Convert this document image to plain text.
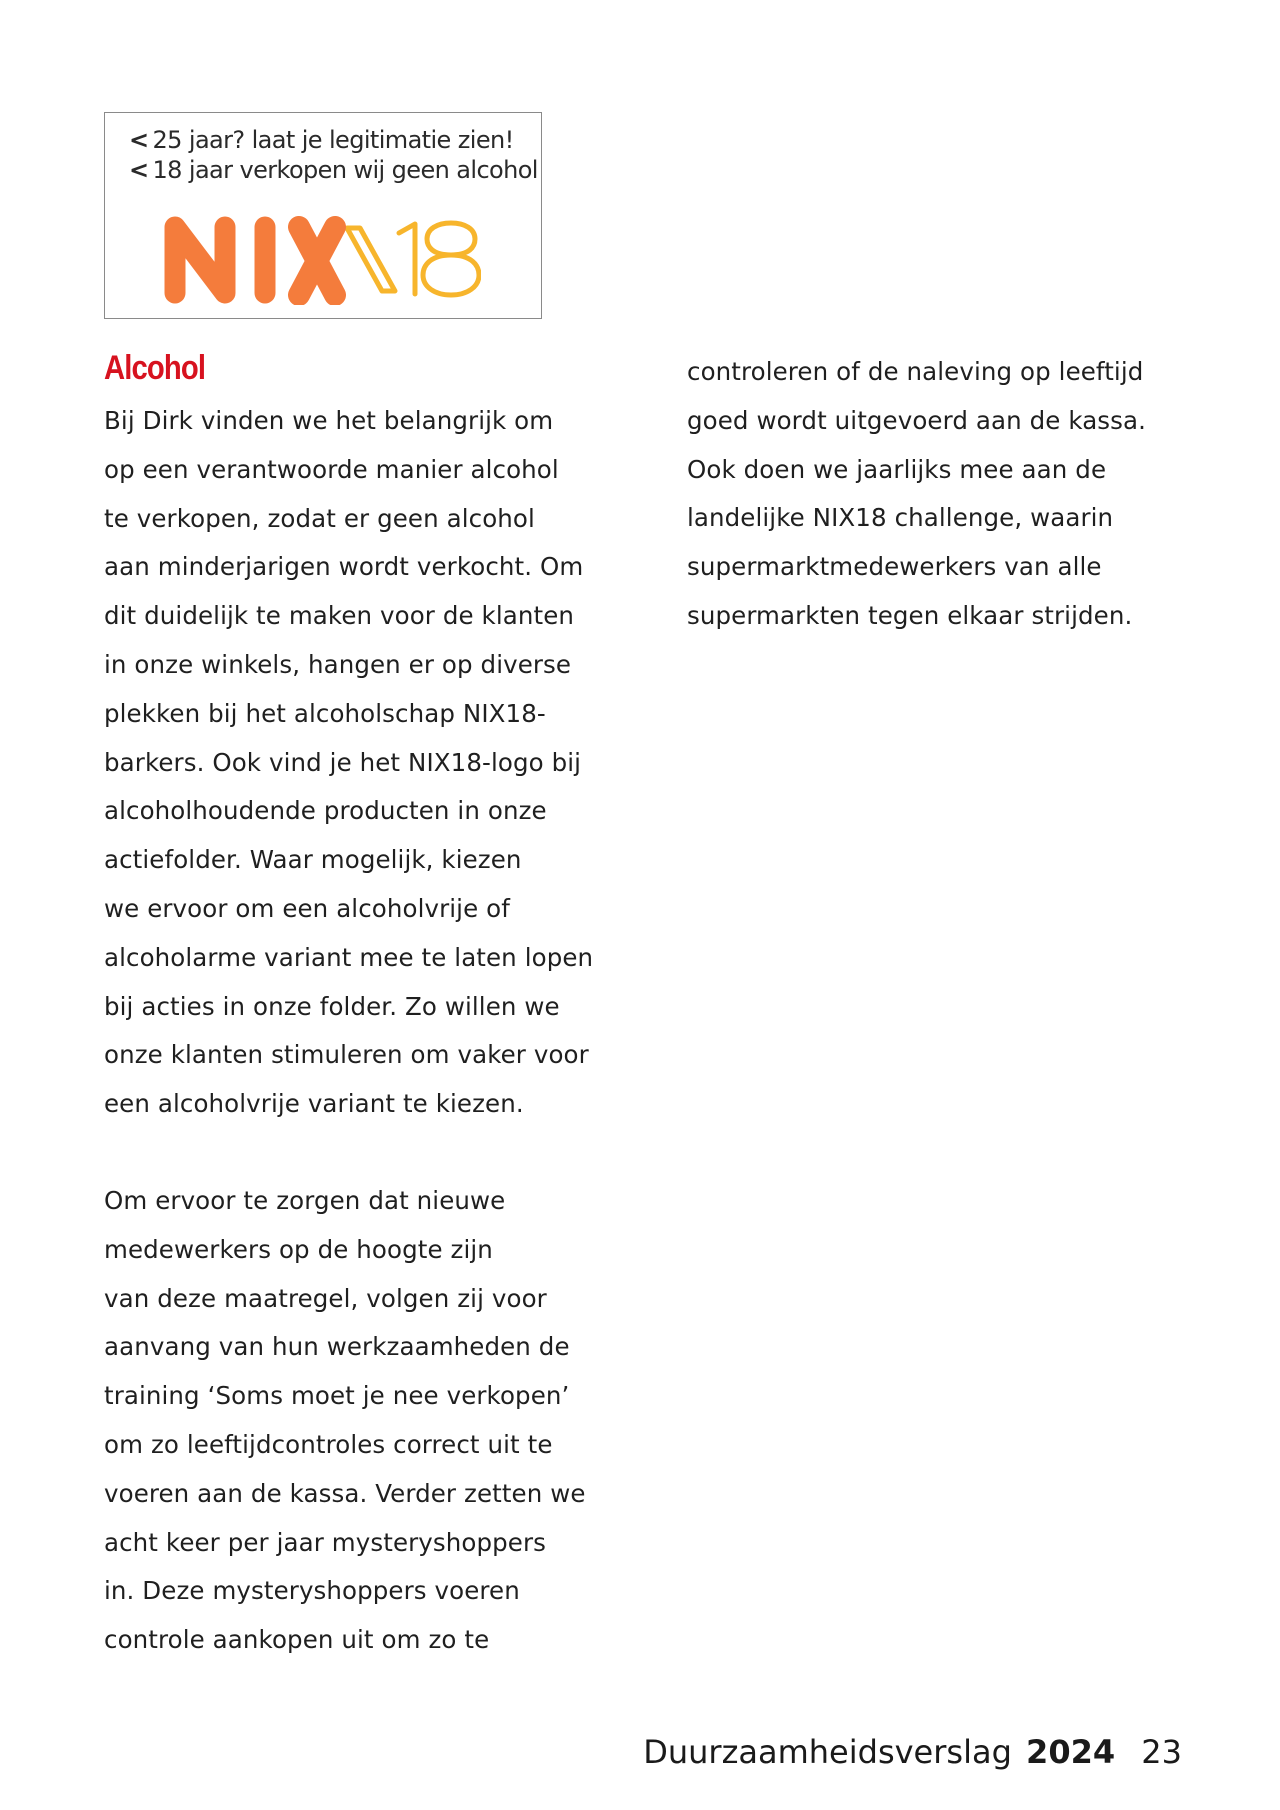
< 25 jaar? laat je legitimatie zien!
< 18 jaar verkopen wij geen alcohol
Alcohol

Bij Dirk vinden we het belangrijk om
op een verantwoorde manier alcohol
te verkopen, zodat er geen alcohol
aan minderjarigen wordt verkocht. Om
dit duidelijk te maken voor de klanten
in onze winkels, hangen er op diverse
plekken bij het alcoholschap NIX18-
barkers. Ook vind je het NIX18-logo bij
alcoholhoudende producten in onze
actiefolder. Waar mogelijk, kiezen
we ervoor om een alcoholvrije of
alcoholarme variant mee te laten lopen
bij acties in onze folder. Zo willen we
onze klanten stimuleren om vaker voor
een alcoholvrije variant te kiezen.

Om ervoor te zorgen dat nieuwe
medewerkers op de hoogte zijn
van deze maatregel, volgen zij voor
aanvang van hun werkzaamheden de
training ‘Soms moet je nee verkopen’
om zo leeftijdcontroles correct uit te
voeren aan de kassa. Verder zetten we
acht keer per jaar mysteryshoppers
in. Deze mysteryshoppers voeren
controle aankopen uit om zo te

controleren of de naleving op leeftijd
goed wordt uitgevoerd aan de kassa.
Ook doen we jaarlijks mee aan de
landelijke NIX18 challenge, waarin
supermarktmedewerkers van alle
supermarkten tegen elkaar strijden.

Duurzaamheidsverslag 2024 23
